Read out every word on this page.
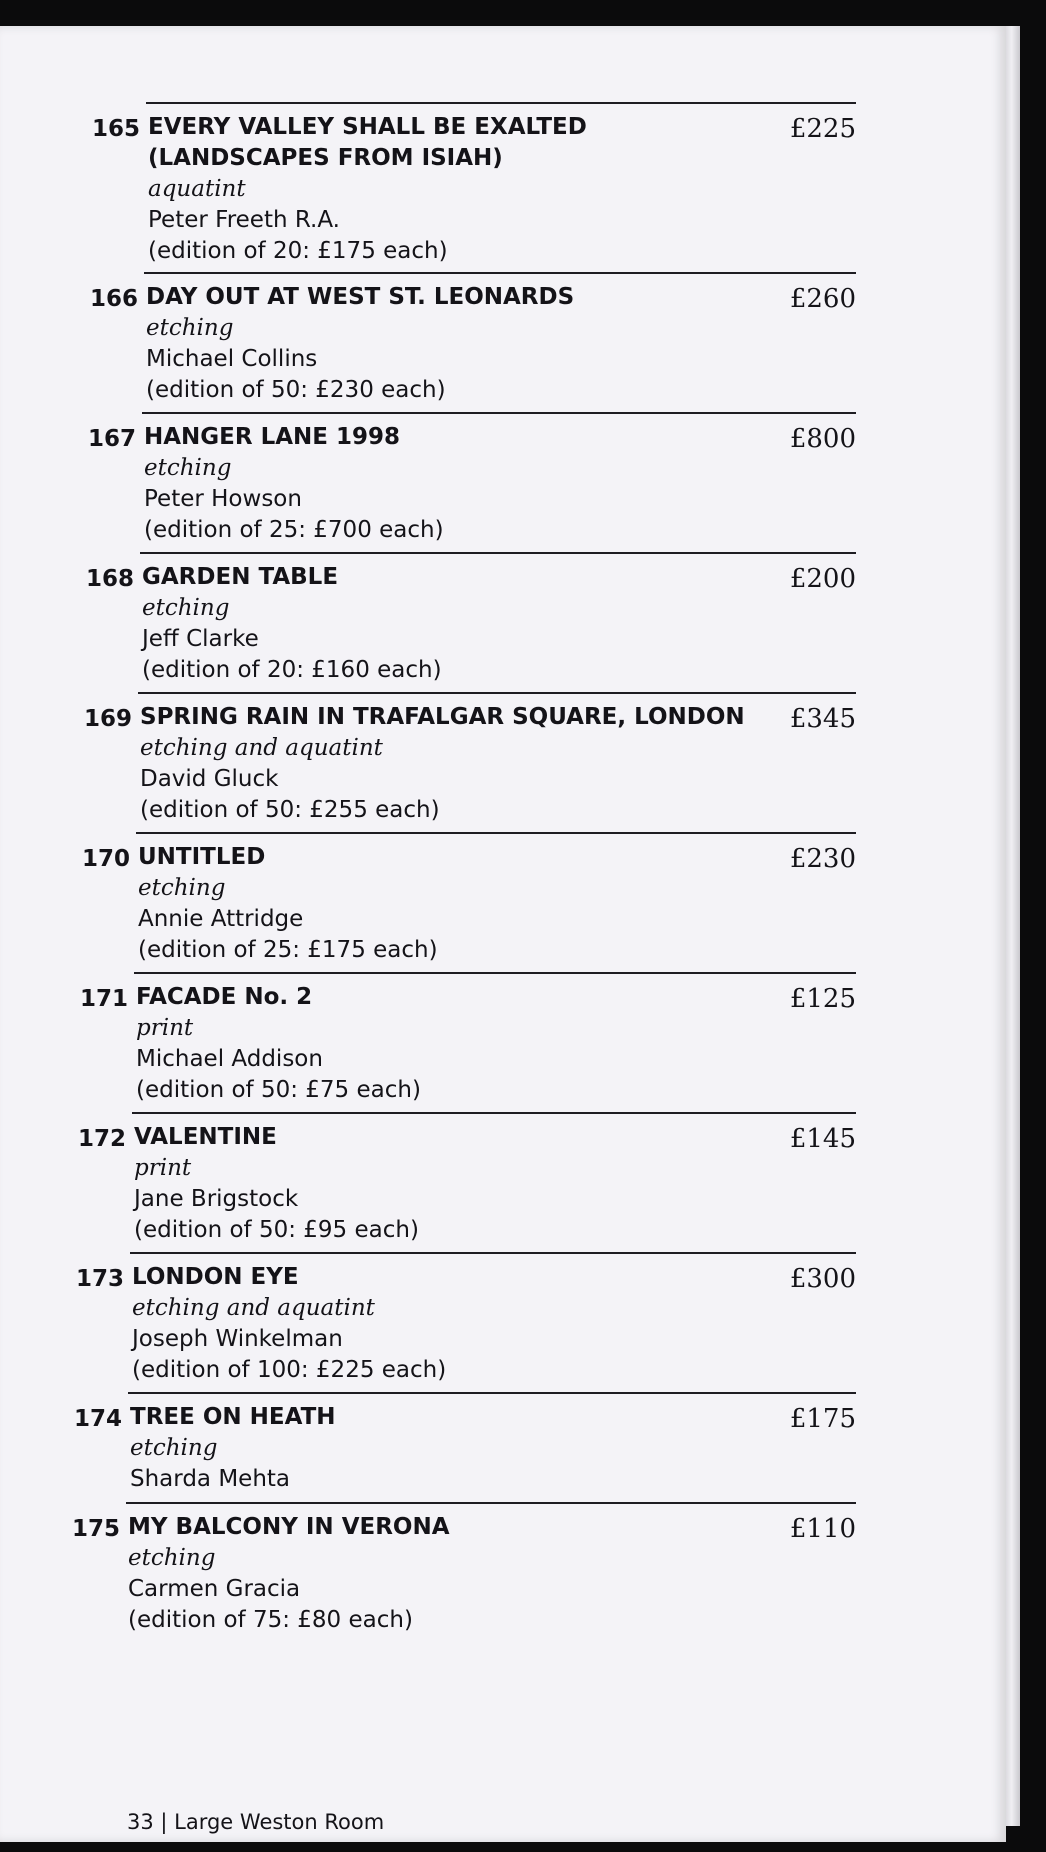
165	£225
EVERY VALLEY SHALL BE EXALTED
(LANDSCAPES FROM ISIAH)
aquatint
Peter Freeth R.A.
(edition of 20: £175 each)
166	£260
DAY OUT AT WEST ST. LEONARDS
etching
Michael Collins
(edition of 50: £230 each)
167	£800
HANGER LANE 1998
etching
Peter Howson
(edition of 25: £700 each)
168	£200
GARDEN TABLE
etching
Jeff Clarke
(edition of 20: £160 each)
169	£345
SPRING RAIN IN TRAFALGAR SQUARE, LONDON
etching and aquatint
David Gluck
(edition of 50: £255 each)
170	£230
UNTITLED
etching
Annie Attridge
(edition of 25: £175 each)
171	£125
FACADE No. 2
print
Michael Addison
(edition of 50: £75 each)
172	£145
VALENTINE
print
Jane Brigstock
(edition of 50: £95 each)
173	£300
LONDON EYE
etching and aquatint
Joseph Winkelman
(edition of 100: £225 each)
174	£175
TREE ON HEATH
etching
Sharda Mehta
175	£110
MY BALCONY IN VERONA
etching
Carmen Gracia
(edition of 75: £80 each)
33 | Large Weston Room
